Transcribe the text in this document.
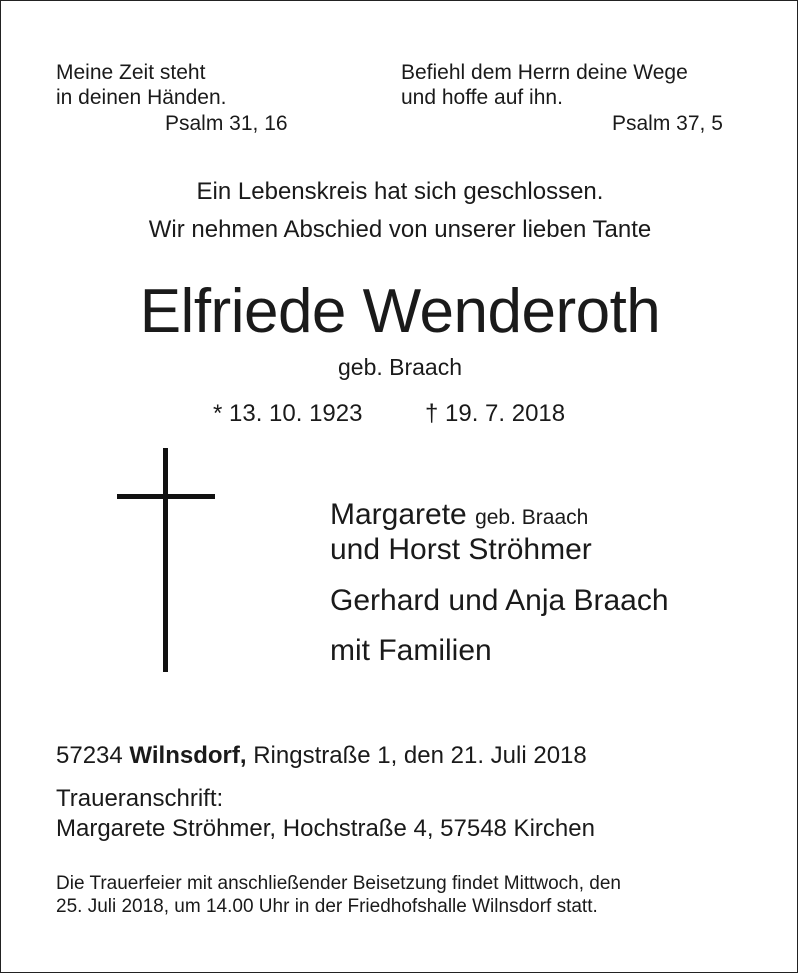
Meine Zeit steht

in deinen Händen.

Psalm 31, 16

Befiehl dem Herrn deine Wege

und hoffe auf ihn.

Psalm 37, 5

Ein Lebenskreis hat sich geschlossen.

Wir nehmen Abschied von unserer lieben Tante

Elfriede Wenderoth

geb. Braach

* 13. 10. 1923	† 19. 7. 2018

Margarete geb. Braach

und Horst Ströhmer

Gerhard und Anja Braach

mit Familien

57234 Wilnsdorf, Ringstraße 1, den 21. Juli 2018

Traueranschrift:

Margarete Ströhmer, Hochstraße 4, 57548 Kirchen

Die Trauerfeier mit anschließender Beisetzung findet Mittwoch, den

25. Juli 2018, um 14.00 Uhr in der Friedhofshalle Wilnsdorf statt.
